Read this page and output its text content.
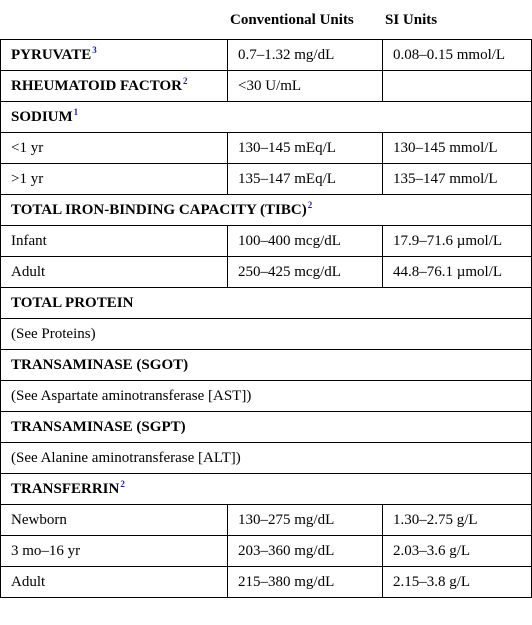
	Conventional Units	SI Units
PYRUVATE$^3$	0.7–1.32 mg/dL	0.08–0.15 mmol/L
RHEUMATOID FACTOR$^2$	<30 U/mL	
SODIUM$^1$
<1 yr	130–145 mEq/L	130–145 mmol/L
>1 yr	135–147 mEq/L	135–147 mmol/L
TOTAL IRON-BINDING CAPACITY (TIBC)$^2$
Infant	100–400 mcg/dL	17.9–71.6 µmol/L
Adult	250–425 mcg/dL	44.8–76.1 µmol/L
TOTAL PROTEIN		
(See Proteins)		
TRANSAMINASE (SGOT)		
(See Aspartate aminotransferase [AST])		
TRANSAMINASE (SGPT)		
(See Alanine aminotransferase [ALT])		
TRANSFERRIN$^2$
Newborn	130–275 mg/dL	1.30–2.75 g/L
3 mo–16 yr	203–360 mg/dL	2.03–3.6 g/L
Adult	215–380 mg/dL	2.15–3.8 g/L
